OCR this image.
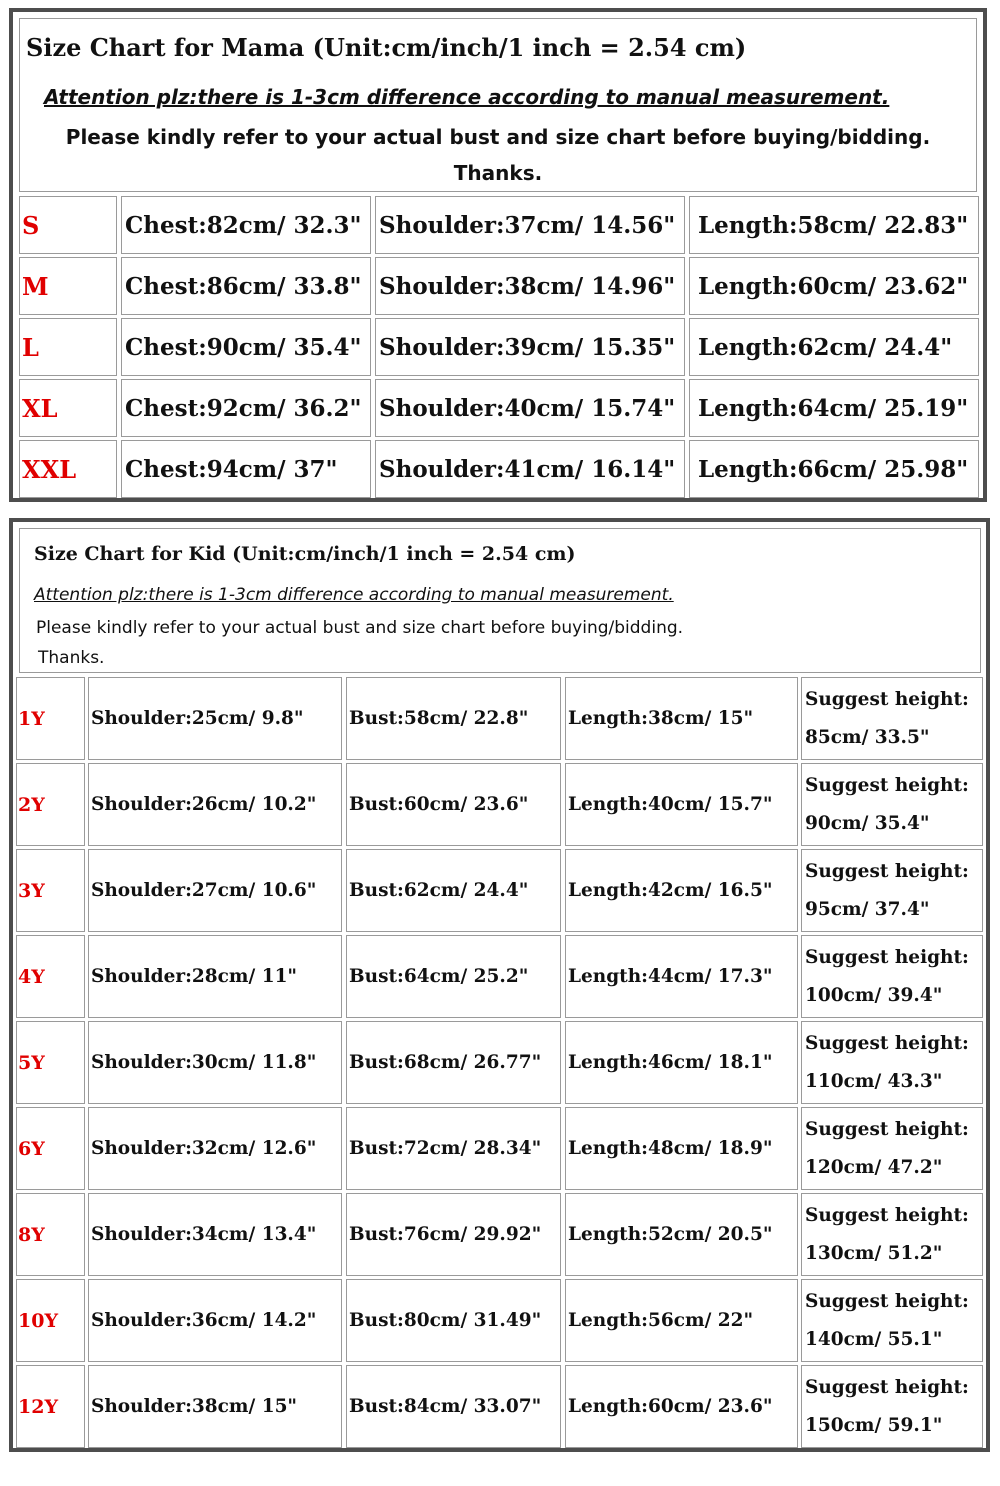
Size Chart for Mama (Unit:cm/inch/1 inch = 2.54 cm)
Attention plz:there is 1-3cm difference according to manual measurement.
Please kindly refer to your actual bust and size chart before buying/bidding.
Thanks.
S	Chest:82cm/ 32.3" Shoulder:37cm/ 14.56" Length:58cm/ 22.83"
M	Chest:86cm/ 33.8" Shoulder:38cm/ 14.96" Length:60cm/ 23.62"
L	Chest:90cm/ 35.4" Shoulder:39cm/ 15.35" Length:62cm/ 24.4"
XL	Chest:92cm/ 36.2" Shoulder:40cm/ 15.74" Length:64cm/ 25.19"
XXL	Chest:94cm/ 37"	Shoulder:41cm/ 16.14" Length:66cm/ 25.98"
Size Chart for Kid (Unit:cm/inch/1 inch = 2.54 cm)
Attention plz:there is 1-3cm difference according to manual measurement.
Please kindly refer to your actual bust and size chart before buying/bidding.
Thanks.
1Y	Shoulder:25cm/ 9.8"	Bust:58cm/ 22.8"	Length:38cm/ 15"
Suggest height:
85cm/ 33.5"
2Y	Shoulder:26cm/ 10.2"	Bust:60cm/ 23.6"	Length:40cm/ 15.7"
Suggest height:
90cm/ 35.4"
3Y	Shoulder:27cm/ 10.6"	Bust:62cm/ 24.4"	Length:42cm/ 16.5"
Suggest height:
95cm/ 37.4"
4Y	Shoulder:28cm/ 11"	Bust:64cm/ 25.2"	Length:44cm/ 17.3"
Suggest height:
100cm/ 39.4"
5Y	Shoulder:30cm/ 11.8"	Bust:68cm/ 26.77"	Length:46cm/ 18.1"
Suggest height:
110cm/ 43.3"
6Y	Shoulder:32cm/ 12.6"	Bust:72cm/ 28.34"	Length:48cm/ 18.9"
Suggest height:
120cm/ 47.2"
8Y	Shoulder:34cm/ 13.4"	Bust:76cm/ 29.92"	Length:52cm/ 20.5"
Suggest height:
130cm/ 51.2"
10Y	Shoulder:36cm/ 14.2"	Bust:80cm/ 31.49"	Length:56cm/ 22"
Suggest height:
140cm/ 55.1"
12Y	Shoulder:38cm/ 15"	Bust:84cm/ 33.07"	Length:60cm/ 23.6"
Suggest height:
150cm/ 59.1"
